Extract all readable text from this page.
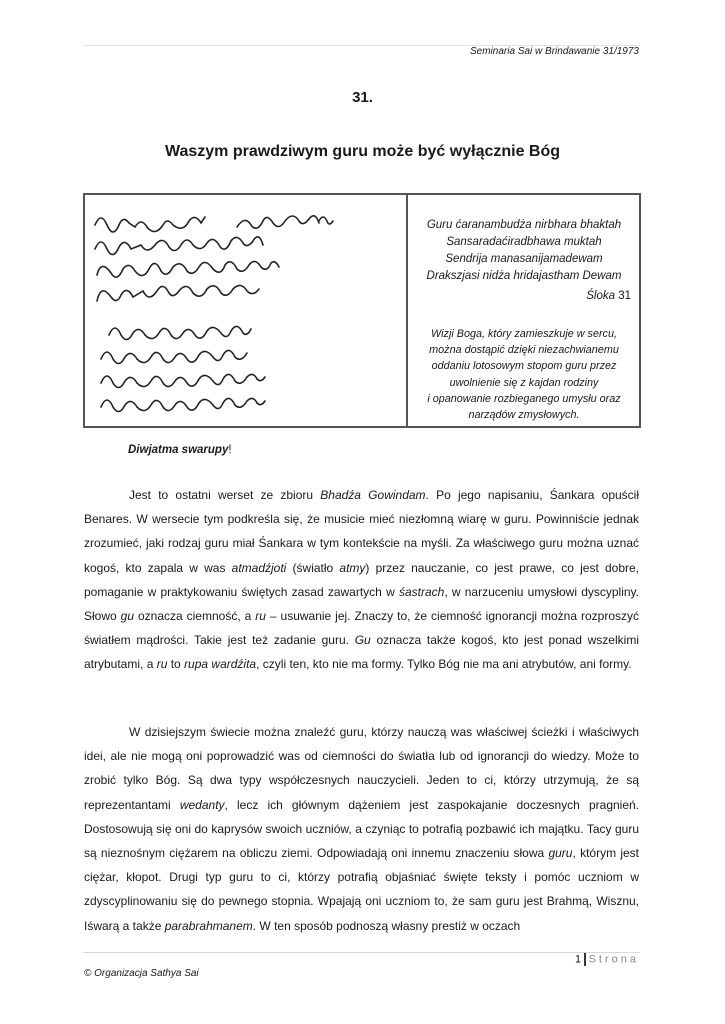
Seminaria Sai w Brindawanie 31/1973
31.
Waszym prawdziwym guru może być wyłącznie Bóg
Guru ćaranambudża nirbhara bhaktah
Sansaradaćiradbhawa muktah
Sendrija manasanijamadewam
Drakszjasi nidża hridajastham Dewam
Śloka 31
Wizji Boga, który zamieszkuje w sercu,
można dostąpić dzięki niezachwianemu
oddaniu lotosowym stopom guru przez
uwolnienie się z kajdan rodziny
i opanowanie rozbieganego umysłu oraz
narządów zmysłowych.
Diwjatma swarupy!

Jest to ostatni werset ze zbioru Bhadźa Gowindam. Po jego napisaniu, Śankara opuścił Benares. W wersecie tym podkreśla się, że musicie mieć niezłomną wiarę w guru. Powinniście jednak zrozumieć, jaki rodzaj guru miał Śankara w tym kontekście na myśli. Za właściwego guru można uznać kogoś, kto zapala w was atmadźjoti (światło atmy) przez nauczanie, co jest prawe, co jest dobre, pomaganie w praktykowaniu świętych zasad zawartych w śastrach, w narzuceniu umysłowi dyscypliny. Słowo gu oznacza ciemność, a ru – usuwanie jej. Znaczy to, że ciemność ignorancji można rozproszyć światłem mądrości. Takie jest też zadanie guru. Gu oznacza także kogoś, kto jest ponad wszelkimi atrybutami, a ru to rupa wardźita, czyli ten, kto nie ma formy. Tylko Bóg nie ma ani atrybutów, ani formy.

W dzisiejszym świecie można znaleźć guru, którzy nauczą was właściwej ścieżki i właściwych idei, ale nie mogą oni poprowadzić was od ciemności do światła lub od ignorancji do wiedzy. Może to zrobić tylko Bóg. Są dwa typy współczesnych nauczycieli. Jeden to ci, którzy utrzymują, że są reprezentantami wedanty, lecz ich głównym dążeniem jest zaspokajanie doczesnych pragnień. Dostosowują się oni do kaprysów swoich uczniów, a czyniąc to potrafią pozbawić ich majątku. Tacy guru są nieznośnym ciężarem na obliczu ziemi. Odpowiadają oni innemu znaczeniu słowa guru, którym jest ciężar, kłopot. Drugi typ guru to ci, którzy potrafią objaśniać święte teksty i pomóc uczniom w zdyscyplinowaniu się do pewnego stopnia. Wpajają oni uczniom to, że sam guru jest Brahmą, Wisznu, Iśwarą a także parabrahmanem. W ten sposób podnoszą własny prestiż w oczach

1 Strona
© Organizacja Sathya Sai
